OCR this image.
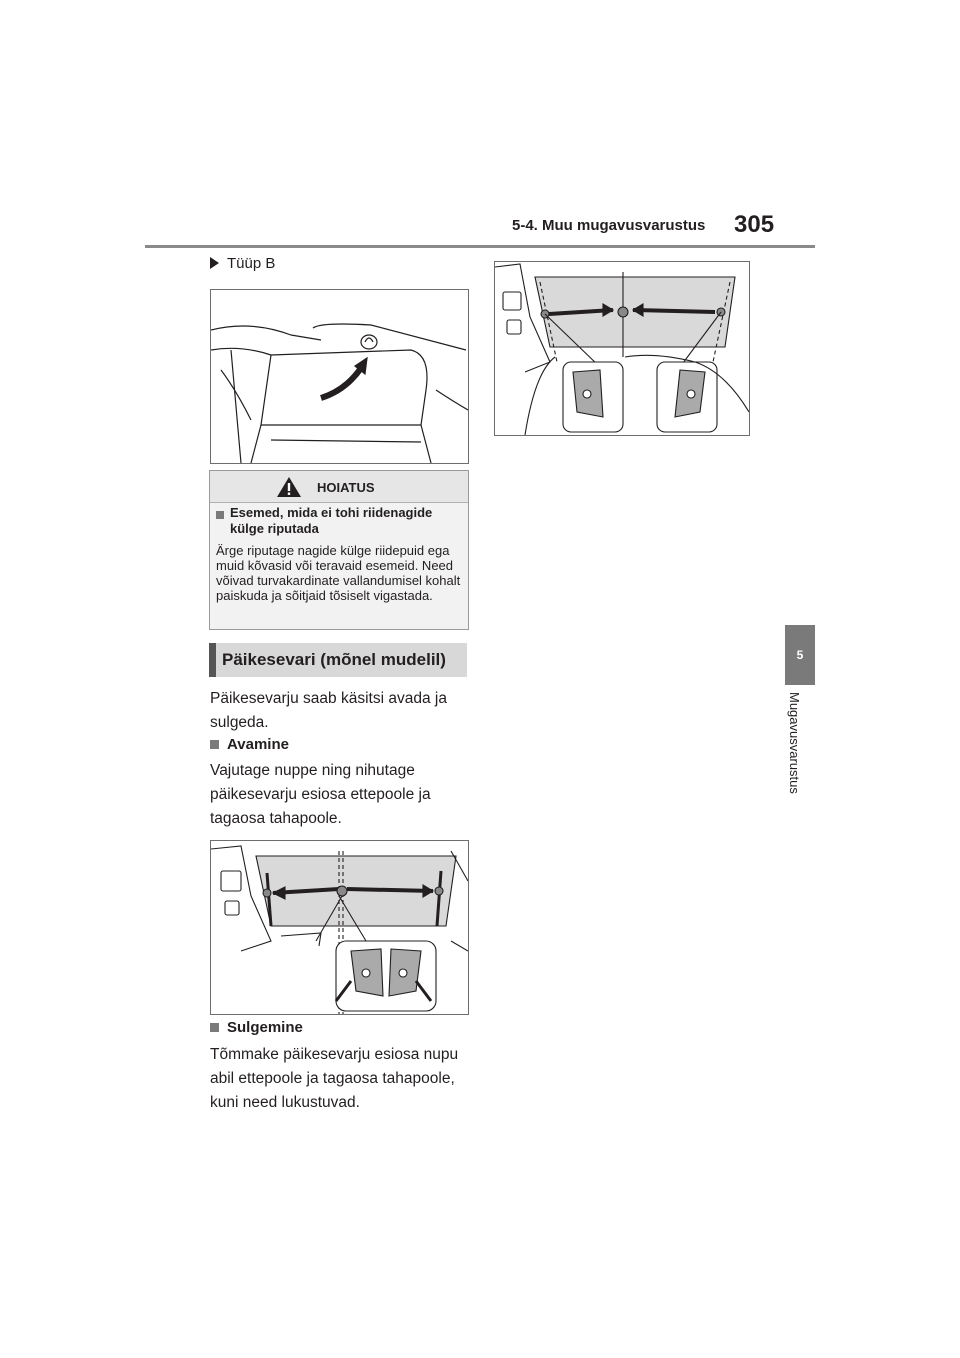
5-4. Muu mugavusvarustus 305
5
Mugavusvarustus
Tüüp B
HOIATUS
Esemed, mida ei tohi riidenagide külge riputada
Ärge riputage nagide külge riidepuid ega muid kõvasid või teravaid esemeid. Need võivad turvakardinate vallandumisel kohalt paiskuda ja sõitjaid tõsiselt vigastada.
Päikesevari (mõnel mudelil)
Päikesevarju saab käsitsi avada ja sulgeda.
Avamine
Vajutage nuppe ning nihutage päikesevarju esiosa ettepoole ja tagaosa tahapoole.
Sulgemine
Tõmmake päikesevarju esiosa nupu abil ettepoole ja tagaosa tahapoole, kuni need lukustuvad.
